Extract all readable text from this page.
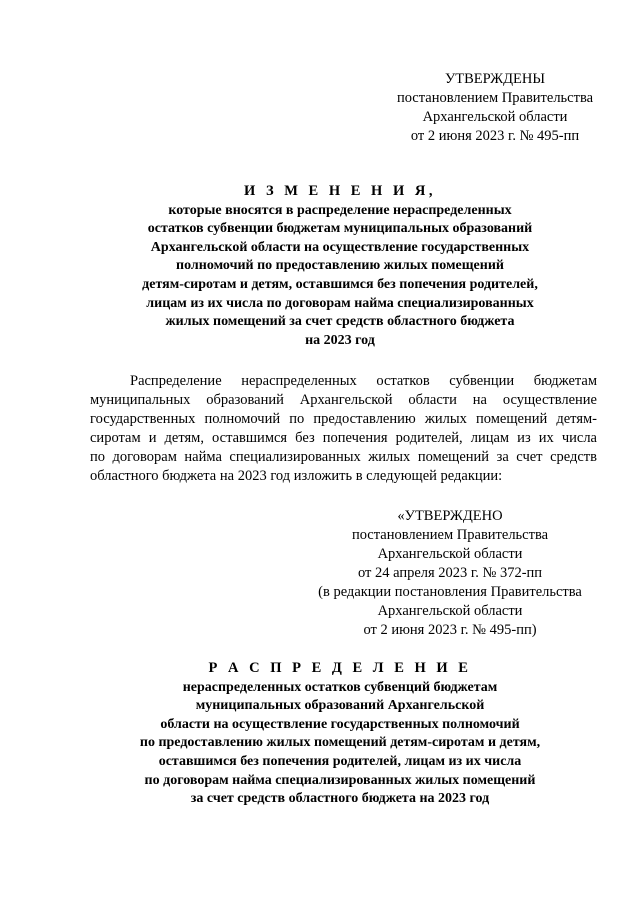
УТВЕРЖДЕНЫ
постановлением Правительства
Архангельской области
от 2 июня 2023 г. № 495-пп
И З М Е Н Е Н И Я,
которые вносятся в распределение нераспределенных
остатков субвенции бюджетам муниципальных образований
Архангельской области на осуществление государственных
полномочий по предоставлению жилых помещений
детям-сиротам и детям, оставшимся без попечения родителей,
лицам из их числа по договорам найма специализированных
жилых помещений за счет средств областного бюджета
на 2023 год
Распределение нераспределенных остатков субвенции бюджетам
муниципальных образований Архангельской области на осуществление
государственных полномочий по предоставлению жилых помещений детям-
сиротам и детям, оставшимся без попечения родителей, лицам из их числа
по договорам найма специализированных жилых помещений за счет средств
областного бюджета на 2023 год изложить в следующей редакции:
«УТВЕРЖДЕНО
постановлением Правительства
Архангельской области
от 24 апреля 2023 г. № 372-пп
(в редакции постановления Правительства
Архангельской области
от 2 июня 2023 г. № 495-пп)
Р А С П Р Е Д Е Л Е Н И Е
нераспределенных остатков субвенций бюджетам
муниципальных образований Архангельской
области на осуществление государственных полномочий
по предоставлению жилых помещений детям-сиротам и детям,
оставшимся без попечения родителей, лицам из их числа
по договорам найма специализированных жилых помещений
за счет средств областного бюджета на 2023 год
